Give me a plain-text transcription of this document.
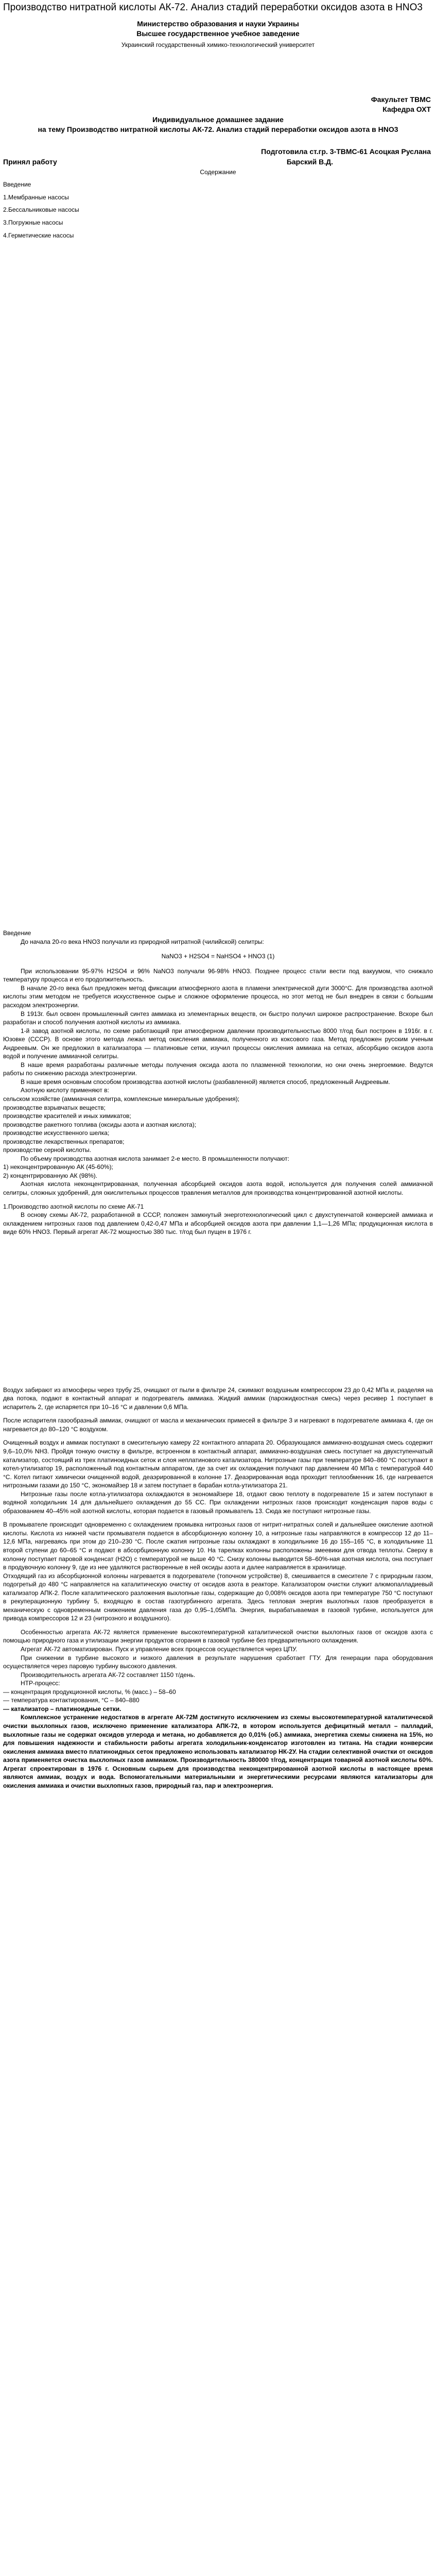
Производство нитратной кислоты АК-72. Анализ стадий переработки оксидов азота в HNO3

Министерство образования и науки Украины

Высшее государственное учебное заведение

Украинский государственный химико-технологический университет

Факультет ТВМС
Кафедра ОХТ
Индивидуальное домашнее задание
на тему Производство нитратной кислоты АК-72. Анализ стадий переработки оксидов азота в HNO3
Подготовила ст.гр. 3-ТВМС-61 Асоцкая Руслана
Принял работу	Барский В.Д.
Содержание

Введение

1.Мембранные насосы

2.Бессальниковые насосы

3.Погружные насосы

4.Герметические насосы

Введение

До начала 20-го века HNO3 получали из природной нитратной (чилийской) селитры:

NaNO3 + H2SO4 = NaHSO4 + HNO3 (1)

При использовании 95-97% H2SO4 и 96% NaNO3 получали 96-98% HNO3. Позднее процесс стали вести под вакуумом, что снижало температуру процесса и его продолжительность.

В начале 20-го века был предложен метод фиксации атмосферного азота в пламени электрической дуги 3000°С. Для производства азотной кислоты этим методом не требуется искусственное сырье и сложное оформление процесса, но этот метод не был внедрен в связи с большим расходом электроэнергии.

В 1913г. был освоен промышленный синтез аммиака из элементарных веществ, он быстро получил широкое распространение. Вскоре был разработан и способ получения азотной кислоты из аммиака.

1-й завод азотной кислоты, по схеме работающий при атмосферном давлении производительностью 8000 т/год был построен в 1916г. в г. Юзовке (СССР). В основе этого метода лежал метод окисления аммиака, полученного из коксового газа. Метод предложен русским ученым Андреевым. Он же предложил в катализатора — платиновые сетки, изучил процессы окисления аммиака на сетках, абсорбцию оксидов азота водой и получение аммиачной селитры.

В наше время разработаны различные методы получения оксида азота по плазменной технологии, но они очень энергоемкие. Ведутся работы по снижению расхода электроэнергии.

В наше время основным способом производства азотной кислоты (разбавленной) является способ, предложенный Андреевым.

Азотную кислоту применяют в:

сельском хозяйстве (аммиачная селитра, комплексные минеральные удобрения);

производстве взрывчатых веществ;

производстве красителей и иных химикатов;

производстве ракетного топлива (оксиды азота и азотная кислота);

производстве искусственного шелка;

производстве лекарственных препаратов;

производстве серной кислоты.

По объему производства азотная кислота занимает 2-е место. В промышленности получают:

1) неконцентрированную АК (45-60%);

2) концентрированную АК (98%).

Азотная кислота неконцентрированная, полученная абсорбцией оксидов азота водой, используется для получения солей аммиачной селитры, сложных удобрений, для окислительных процессов травления металлов для производства концентрированной азотной кислоты.

1.Производство азотной кислоты по схеме АК-71

В основу схемы АК-72, разработанной в СССР, положен замкнутый энерготехнологический цикл с двухступенчатой конверсией аммиака и охлаждением нитрозных газов под давлением 0,42-0,47 МПа и абсорбцией оксидов азота при давлении 1,1—1,26 МПа; продукционная кислота в виде 60% HNO3. Первый агрегат АК-72 мощностью 380 тыс. т/год был пущен в 1976 г.

Воздух забирают из атмосферы через трубу 25, очищают от пыли в фильтре 24, сжимают воздушным компрессором 23 до 0,42 МПа и, разделяя на два потока, подают в контактный аппарат и подогреватель аммиака. Жидкий аммиак (парожидкостная смесь) через ресивер 1 поступает в испаритель 2, где испаряется при 10–16 °С и давлении 0,6 МПа.

После испарителя газообразный аммиак, очищают от масла и механических примесей в фильтре 3 и нагревают в подогревателе аммиака 4, где он нагревается до 80–120 °С воздухом.

Очищенный воздух и аммиак поступают в смесительную камеру 22 контактного аппарата 20. Образующаяся аммиачно-воздушная смесь содержит 9,6–10,0% NH3. Пройдя тонкую очистку в фильтре, встроенном в контактный аппарат, аммиачно-воздушная смесь поступает на двухступенчатый катализатор, состоящий из трех платиноидных сеток и слоя неплатинового катализатора. Нитрозные газы при температуре 840–860 °С поступают в котел-утилизатор 19, расположенный под контактным аппаратом, где за счет их охлаждения получают пар давлением 40 МПа с температурой 440 °С. Котел питают химически очищенной водой, деаэрированной в колонне 17. Деаэрированная вода проходит теплообменник 16, где нагревается нитрозными газами до 150 °С, экономайзер 18 и затем поступает в барабан котла-утилизатора 21.

Нитрозные газы после котла-утилизатора охлаждаются в экономайзере 18, отдают свою теплоту в подогревателе 15 и затем поступают в водяной холодильник 14 для дальнейшего охлаждения до 55 СС. При охлаждении нитрозных газов происходит конденсация паров воды с образованием 40–45% ной азотной кислоты, которая подается в газовый промыватель 13. Сюда же поступают нитрозные газы.

В промывателе происходит одновременно с охлаждением промывка нитрозных газов от нитрит-нитратных солей и дальнейшее окисление азотной кислоты. Кислота из нижней части промывателя подается в абсорбционную колонну 10, а нитрозные газы направляются в компрессор 12 до 11–12,6 МПа, нагреваясь при этом до 210–230 °С. После сжатия нитрозные газы охлаждают в холодильнике 16 до 155–165 °С, в холодильнике 11 второй ступени до 60–65 °С и подают в абсорбционную колонну 10. На тарелках колонны расположены змеевики для отвода теплоты. Сверху в колонну поступает паровой конденсат (H2O) с температурой не выше 40 °С. Снизу колонны выводится 58–60%-ная азотная кислота, она поступает в продувочную колонну 9, где из нее удаляются растворенные в ней оксиды азота и далее направляется в хранилище.

Отходящий газ из абсорбционной колонны нагревается в подогревателе (топочном устройстве) 8, смешивается в смесителе 7 с природным газом, подогретый до 480 °С направляется на каталитическую очистку от оксидов азота в реакторе. Катализатором очистки служит алюмопалладиевый катализатор АПК-2. После каталитического разложения выхлопные газы, содержащие до 0,008% оксидов азота при температуре 750 °С поступают в рекуперационную турбину 5, входящую в состав газотурбинного агрегата. Здесь тепловая энергия выхлопных газов преобразуется в механическую с одновременным снижением давления газа до 0,95–1,05МПа. Энергия, вырабатываемая в газовой турбине, используется для привода компрессоров 12 и 23 (нитрозного и воздушного).

Особенностью агрегата АК-72 является применение высокотемпературной каталитической очистки выхлопных газов от оксидов азота с помощью природного газа и утилизации энергии продуктов сгорания в газовой турбине без предварительного охлаждения.

Агрегат АК-72 автоматизирован. Пуск и управление всех процессов осуществляется через ЦПУ.

При снижении в турбине высокого и низкого давления в результате нарушения сработает ГТУ. Для генерации пара оборудования осуществляется через паровую турбину высокого давления.

Производительность агрегата АК-72 составляет 1150 т/день.

НТР-процесс:

— концентрация продукционной кислоты, % (масс.) – 58–60

— температура контактирования, °С – 840–880

— катализатор – платиноидные сетки.

Комплексное устранение недостатков в агрегате АК-72М достигнуто исключением из схемы высокотемпературной каталитической очистки выхлопных газов, исключено применение катализатора АПК-72, в котором используется дефицитный металл – палладий, выхлопные газы не содержат оксидов углерода и метана, но добавляется до 0,01% (об.) аммиака, энергетика схемы снижена на 15%, но для повышения надежности и стабильности работы агрегата холодильник-конденсатор изготовлен из титана. На стадии конверсии окисления аммиака вместо платиноидных сеток предложено использовать катализатор НК-2У. На стадии селективной очистки от оксидов азота применяется очистка выхлопных газов аммиаком. Производительность 380000 т/год, концентрация товарной азотной кислоты 60%. Агрегат спроектирован в 1976 г. Основным сырьем для производства неконцентрированной азотной кислоты в настоящее время являются аммиак, воздух и вода. Вспомогательными материальными и энергетическими ресурсами являются катализаторы для окисления аммиака и очистки выхлопных газов, природный газ, пар и электроэнергия.
